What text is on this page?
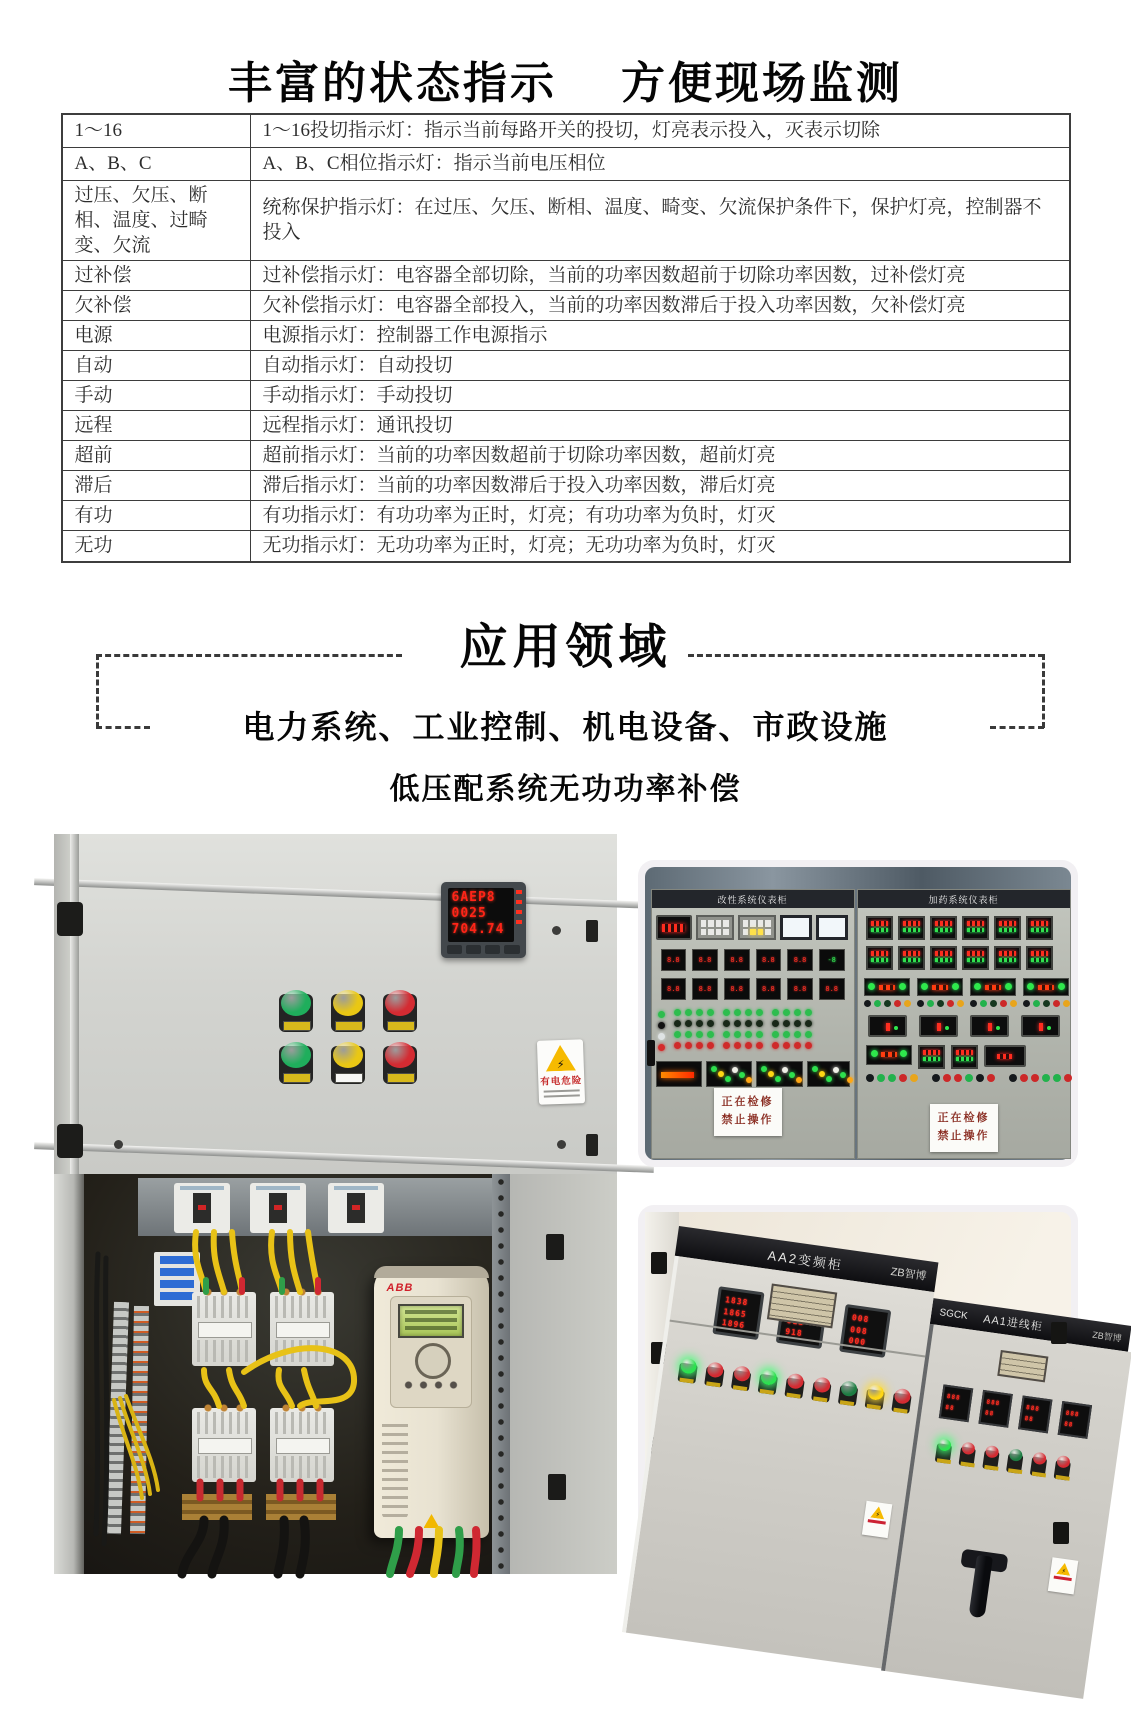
丰富的状态指示 方便现场监测
1～16	1～16投切指示灯：指示当前每路开关的投切，灯亮表示投入，灭表示切除
A、B、C	A、B、C相位指示灯：指示当前电压相位
过压、欠压、断相、温度、过畸变、欠流	统称保护指示灯：在过压、欠压、断相、温度、畸变、欠流保护条件下，保护灯亮，控制器不投入
过补偿	过补偿指示灯：电容器全部切除，当前的功率因数超前于切除功率因数，过补偿灯亮
欠补偿	欠补偿指示灯：电容器全部投入，当前的功率因数滞后于投入功率因数，欠补偿灯亮
电源	电源指示灯：控制器工作电源指示
自动	自动指示灯：自动投切
手动	手动指示灯：手动投切
远程	远程指示灯：通讯投切
超前	超前指示灯：当前的功率因数超前于切除功率因数，超前灯亮
滞后	滞后指示灯：当前的功率因数滞后于投入功率因数，滞后灯亮
有功	有功指示灯：有功功率为正时，灯亮；有功功率为负时，灯灭
无功	无功指示灯：无功功率为正时，灯亮；无功功率为负时，灯灭
应用领域
电力系统、工业控制、机电设备、市政设施
低压配系统无功功率补偿
6AEP8
0025
704.74
⚡
有电危险
ABB
改性系统仪表柜
8.8	8.8	8.8	8.8	8.8	-8
8.8	8.8	8.8	8.8	8.8	8.8
正在检修
禁止操作
加药系统仪表柜
正在检修
禁止操作
AA2变频柜
ZB智博
SGCK AA1进线柜
ZB智博
1838
1865
1896
918
008
008
000
⚡
888
88
888
88
888
88
888
88
⚡
